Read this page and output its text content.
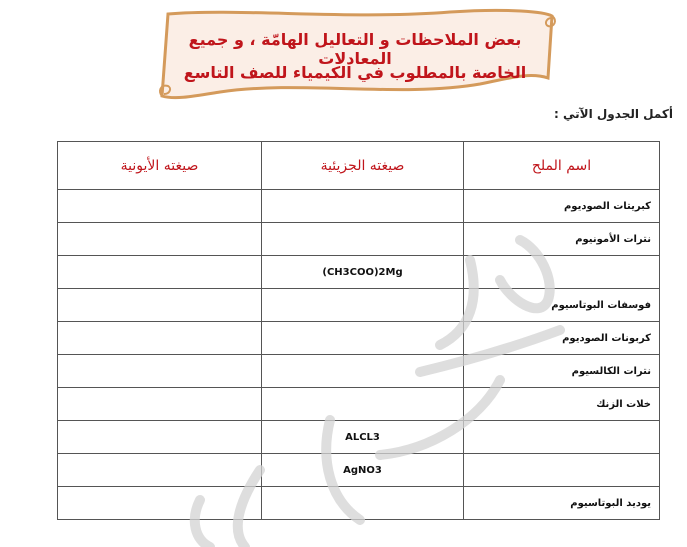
بعض الملاحظات و التعاليل الهامّة ، و جميع المعادلات
الخاصة بالمطلوب في الكيمياء للصف التاسع
أكمل الجدول الآتي :
اسم الملح	صيغته الجزيئية	صيغته الأيونية
كبريتات الصوديوم		
نترات الأمونيوم		
	(CH3COO)2Mg	
فوسفات البوتاسيوم		
كربونات الصوديوم		
نترات الكالسيوم		
خلات الزنك		
	ALCL3	
	AgNO3	
يوديد البوتاسيوم		
